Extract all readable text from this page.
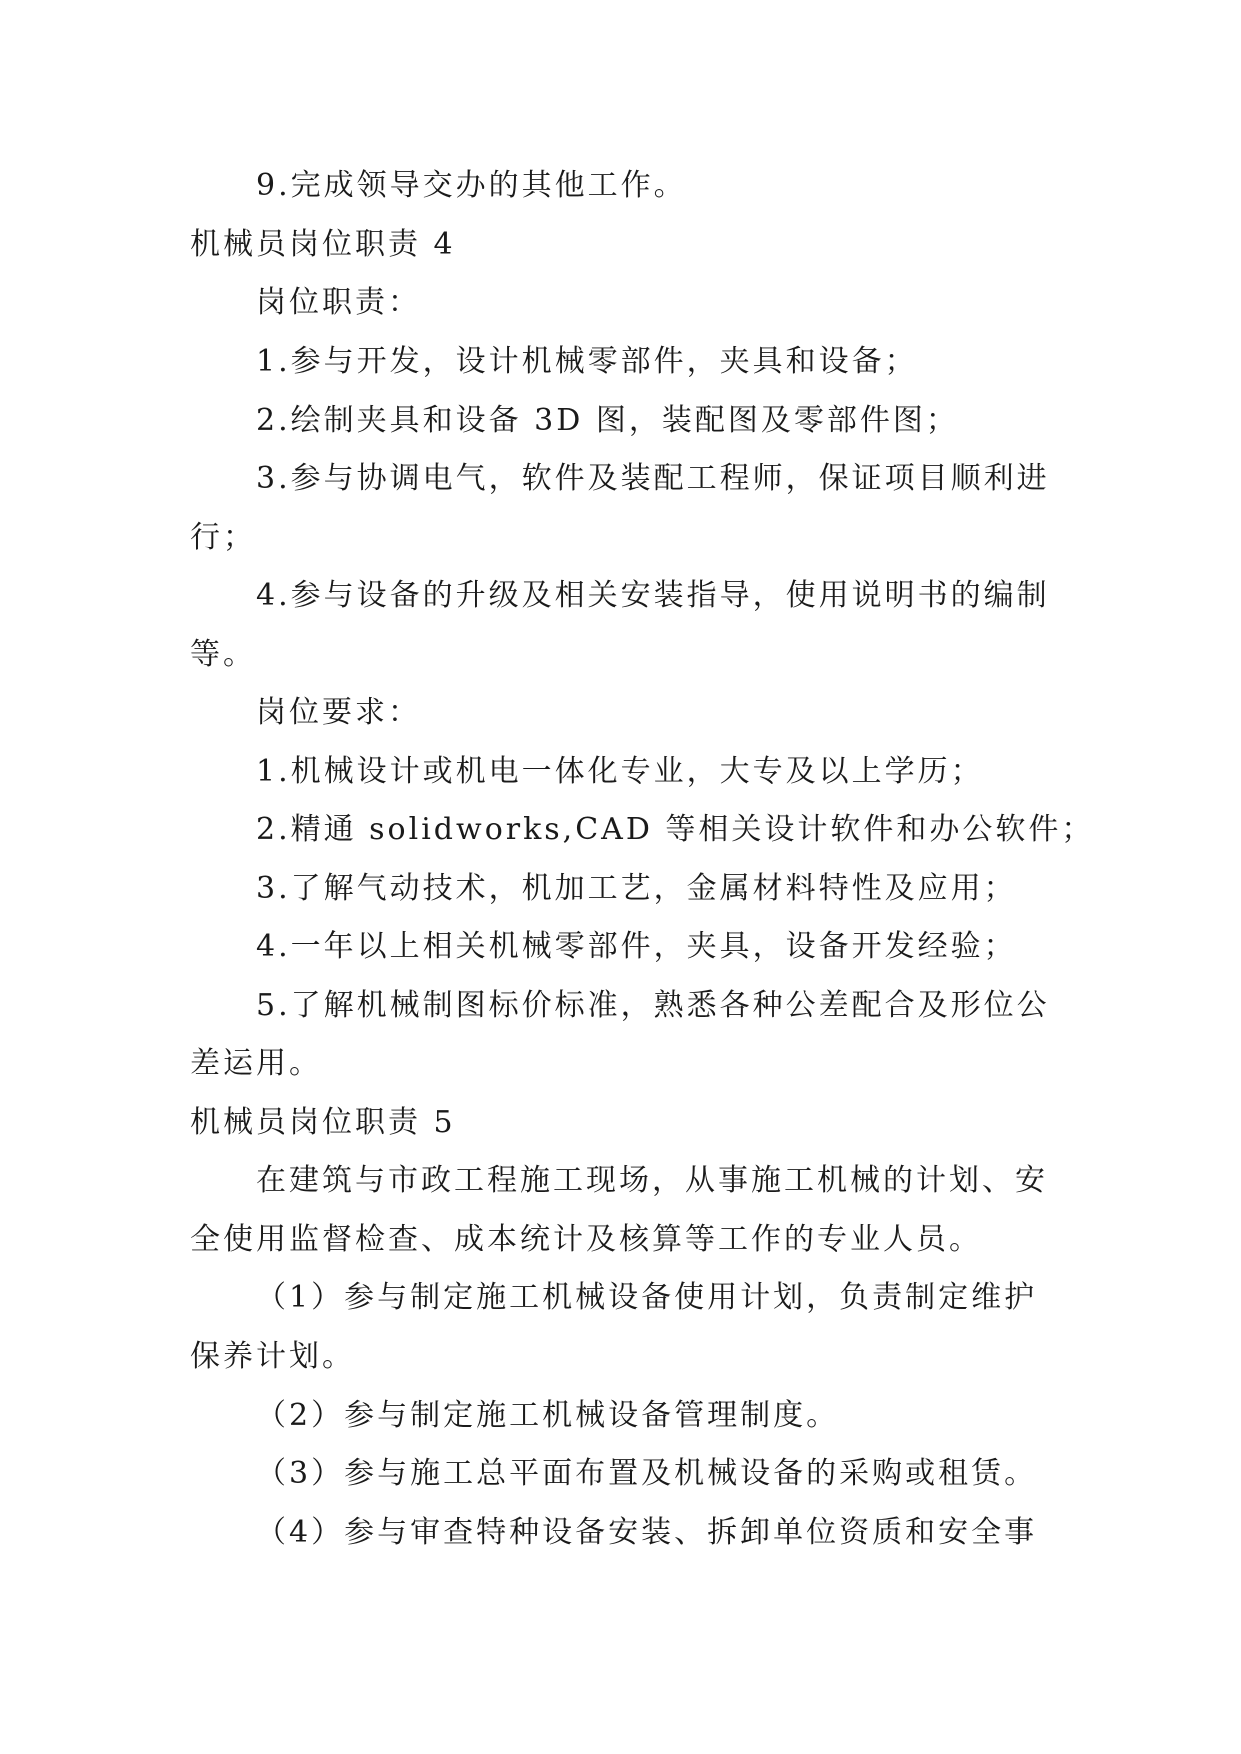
9.完成领导交办的其他工作。
机械员岗位职责 4
岗位职责：
1.参与开发，设计机械零部件，夹具和设备；
2.绘制夹具和设备 3D 图，装配图及零部件图；
3.参与协调电气，软件及装配工程师，保证项目顺利进
行；
4.参与设备的升级及相关安装指导，使用说明书的编制
等。
岗位要求：
1.机械设计或机电一体化专业，大专及以上学历；
2.精通 solidworks,CAD 等相关设计软件和办公软件；
3.了解气动技术，机加工艺，金属材料特性及应用；
4.一年以上相关机械零部件，夹具，设备开发经验；
5.了解机械制图标价标准，熟悉各种公差配合及形位公
差运用。
机械员岗位职责 5
在建筑与市政工程施工现场，从事施工机械的计划、安
全使用监督检查、成本统计及核算等工作的专业人员。
（1）参与制定施工机械设备使用计划，负责制定维护
保养计划。
（2）参与制定施工机械设备管理制度。
（3）参与施工总平面布置及机械设备的采购或租赁。
（4）参与审查特种设备安装、拆卸单位资质和安全事
